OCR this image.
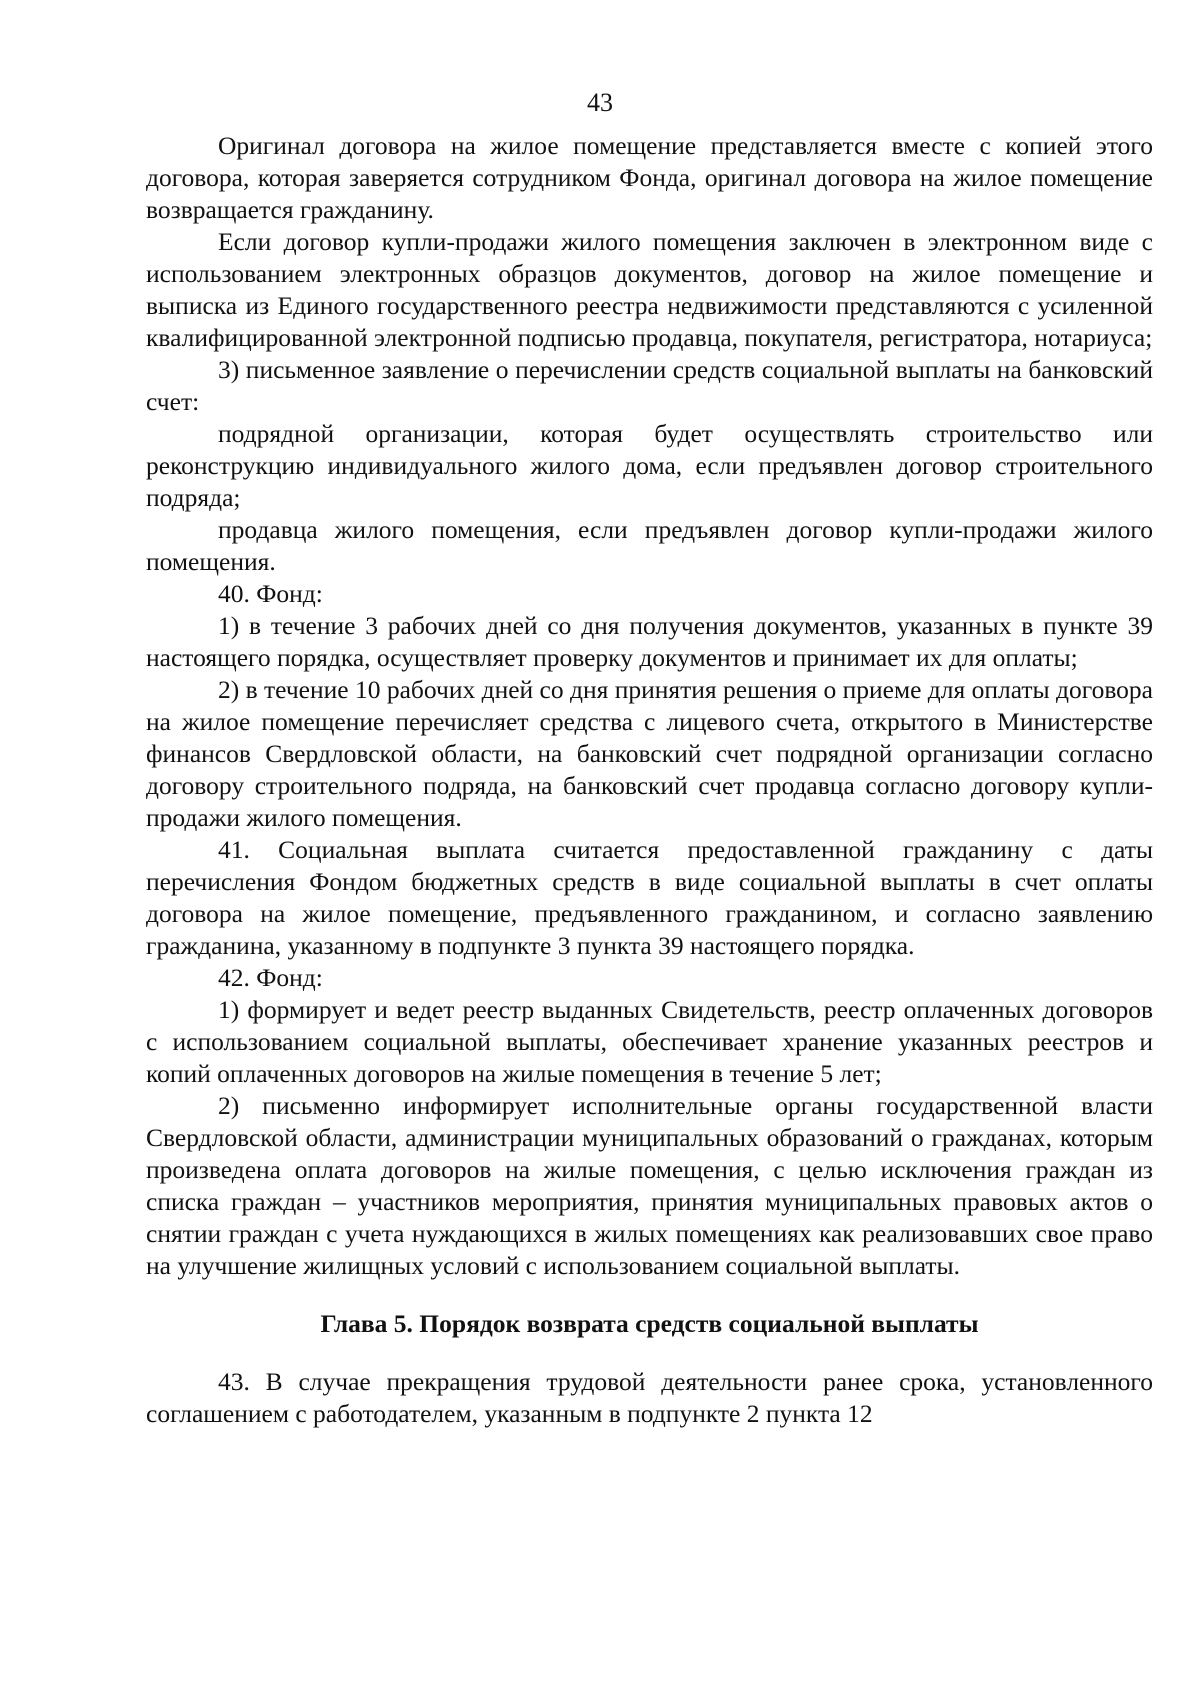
43

Оригинал договора на жилое помещение представляется вместе с копией этого договора, которая заверяется сотрудником Фонда, оригинал договора на жилое помещение возвращается гражданину.

Если договор купли-продажи жилого помещения заключен в электронном виде с использованием электронных образцов документов, договор на жилое помещение и выписка из Единого государственного реестра недвижимости представляются с усиленной квалифицированной электронной подписью продавца, покупателя, регистратора, нотариуса;

3) письменное заявление о перечислении средств социальной выплаты на банковский счет:

подрядной организации, которая будет осуществлять строительство или реконструкцию индивидуального жилого дома, если предъявлен договор строительного подряда;

продавца жилого помещения, если предъявлен договор купли-продажи жилого помещения.

40. Фонд:

1) в течение 3 рабочих дней со дня получения документов, указанных в пункте 39 настоящего порядка, осуществляет проверку документов и принимает их для оплаты;

2) в течение 10 рабочих дней со дня принятия решения о приеме для оплаты договора на жилое помещение перечисляет средства с лицевого счета, открытого в Министерстве финансов Свердловской области, на банковский счет подрядной организации согласно договору строительного подряда, на банковский счет продавца согласно договору купли-продажи жилого помещения.

41. Социальная выплата считается предоставленной гражданину с даты перечисления Фондом бюджетных средств в виде социальной выплаты в счет оплаты договора на жилое помещение, предъявленного гражданином, и согласно заявлению гражданина, указанному в подпункте 3 пункта 39 настоящего порядка.

42. Фонд:

1) формирует и ведет реестр выданных Свидетельств, реестр оплаченных договоров с использованием социальной выплаты, обеспечивает хранение указанных реестров и копий оплаченных договоров на жилые помещения в течение 5 лет;

2) письменно информирует исполнительные органы государственной власти Свердловской области, администрации муниципальных образований о гражданах, которым произведена оплата договоров на жилые помещения, с целью исключения граждан из списка граждан – участников мероприятия, принятия муниципальных правовых актов о снятии граждан с учета нуждающихся в жилых помещениях как реализовавших свое право на улучшение жилищных условий с использованием социальной выплаты.

Глава 5. Порядок возврата средств социальной выплаты

43. В случае прекращения трудовой деятельности ранее срока, установленного соглашением с работодателем, указанным в подпункте 2 пункта 12
